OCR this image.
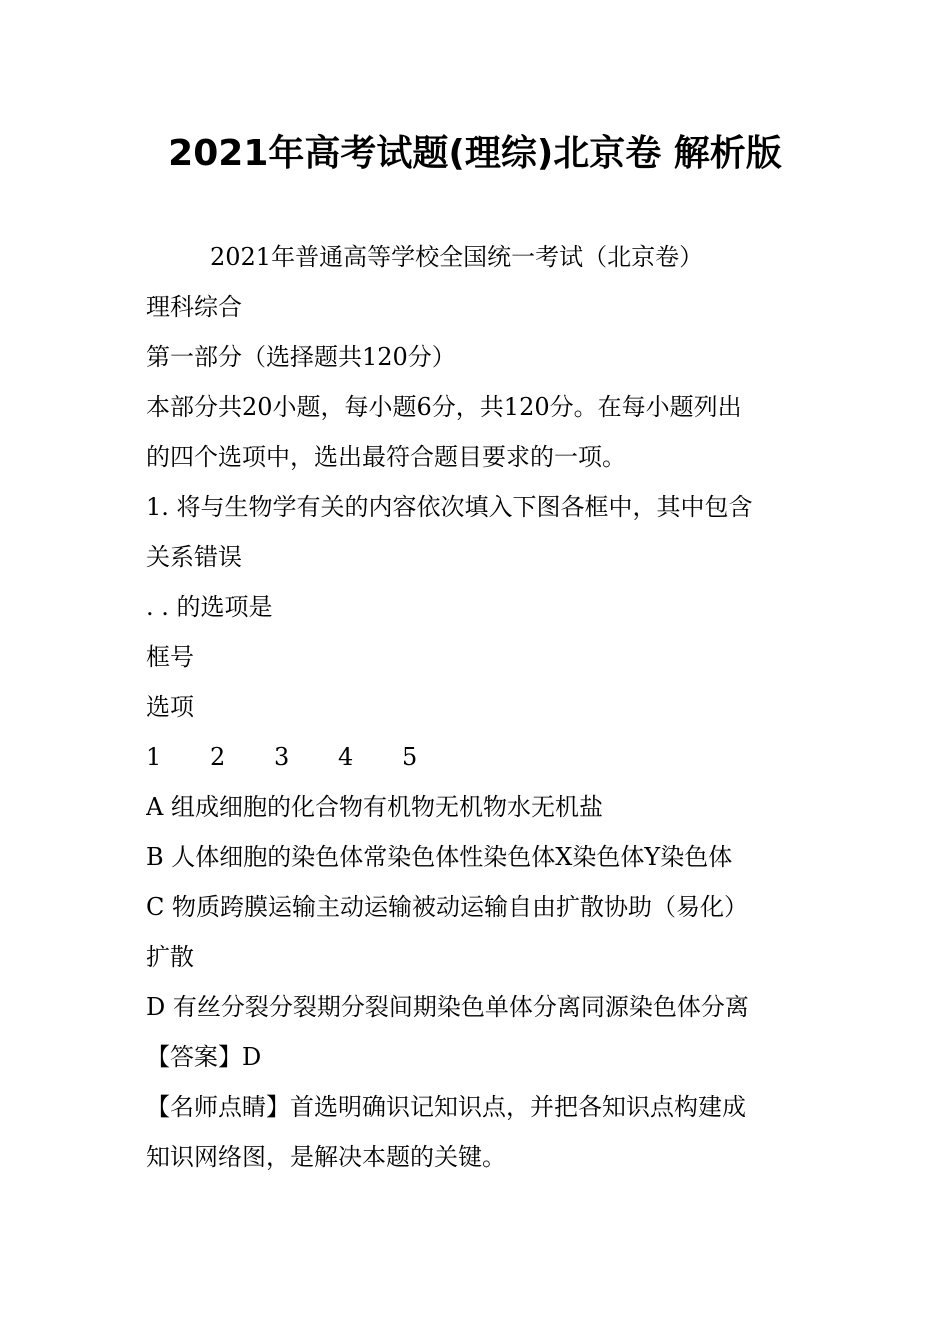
2021年高考试题(理综)北京卷 解析版
2021年普通高等学校全国统一考试（北京卷）
理科综合
第一部分（选择题共120分）
本部分共20小题，每小题6分，共120分。在每小题列出
的四个选项中，选出最符合题目要求的一项。
1. 将与生物学有关的内容依次填入下图各框中，其中包含
关系错误
. . 的选项是
框号
选项
1 2 3 4 5
A 组成细胞的化合物有机物无机物水无机盐
B 人体细胞的染色体常染色体性染色体X染色体Y染色体
C 物质跨膜运输主动运输被动运输自由扩散协助（易化）
扩散
D 有丝分裂分裂期分裂间期染色单体分离同源染色体分离
【答案】D
【名师点睛】首选明确识记知识点，并把各知识点构建成
知识网络图，是解决本题的关键。
